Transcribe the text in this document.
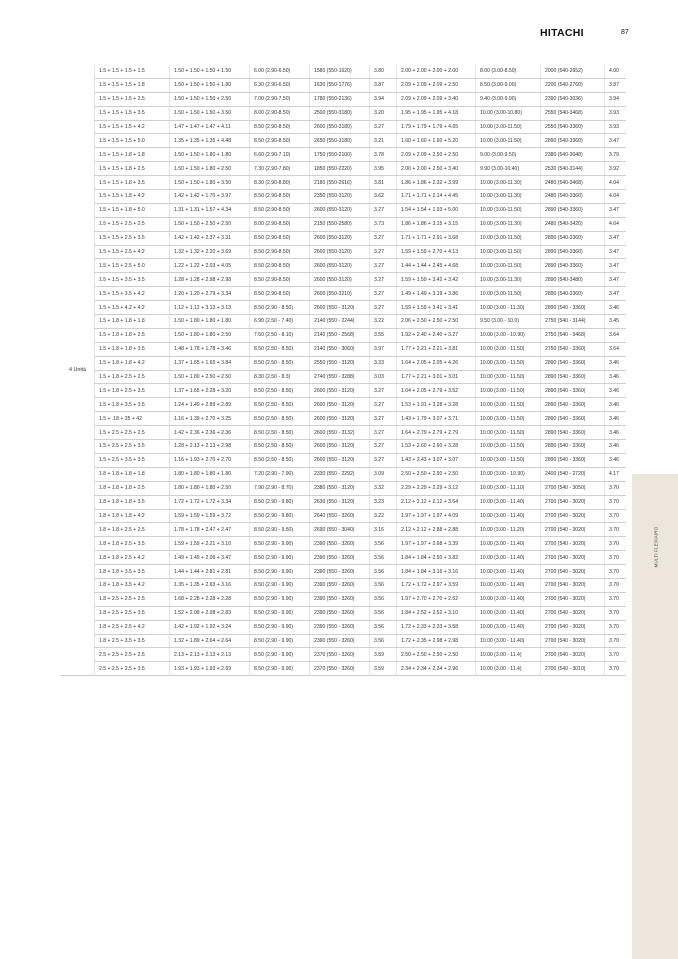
HITACHI	87
MULTI FLEXIAIRO
4 Unità	1.5 + 1.5 + 1.5 + 1.5	1.50 + 1.50 + 1.50 + 1.50	6.00 (2.90-6.50)	1580 (550-1620)	3.80	2.00 + 2.00 + 2.00 + 2.00	8.00 (3.00-8.50)	2000 (540-2652)	4.00
	1.5 + 1.5 + 1.5 + 1.8	1.50 + 1.50 + 1.50 + 1.80	6.30 (2.90-6.50)	1630 (550-1776)	3.87	2.09 + 2.09 + 2.09 + 2.50	8.50 (3.00-9.00)	2200 (540-2760)	3.87
	1.5 + 1.5 + 1.5 + 2.5	1.50 + 1.50 + 1.50 + 2.50	7.00 (2.90-7.50)	1780 (550-2136)	3.94	2.09 + 2.09 + 2.09 + 3.40	9.40 (3.00-9.90)	2390 (540-3036)	3.94
	1.5 + 1.5 + 1.5 + 3.5	1.50 + 1.50 + 1.50 + 3.50	8.00 (2.90-8.50)	2500 (550-3180)	3.20	1.95 + 1.95 + 1.95 + 4.18	10.00 (3.00-10.80)	2550 (540-3468)	3.93
	1.5 + 1.5 + 1.5 + 4.2	1.47 + 1.47 + 1.47 + 4.11	8.50 (2.90-8.50)	2600 (550-3180)	3.27	1.79 + 1.79 + 1.79 + 4.65	10.00 (3.00-11.50)	2550 (540-3360)	3.93
	1.5 + 1.5 + 1.5 + 5.0	1.35 + 1.35 + 1.35 + 4.48	8.50 (2.90-8.50)	2650 (550-3180)	3.21	1.60 + 1.60 + 1.60 + 5.20	10.00 (3.00-11.50)	2890 (540-3360)	3.47
	1.5 + 1.5 + 1.8 + 1.8	1.50 + 1.50 + 1.80 + 1.80	6.60 (2.90-7.10)	1750 (550-2100)	3.78	2.09 + 2.09 + 2.50 + 2.50	9.00 (3.00-9.50)	2380 (540-3048)	3.79
	1.5 + 1.5 + 1.8 + 2.5	1.50 + 1.50 + 1.80 + 2.50	7.30 (2.90-7.80)	1850 (550-2220)	3.95	2.00 + 2.00 + 2.50 + 3.40	9.90 (3.00-10.40)	2530 (540-3144)	3.92
	1.5 + 1.5 + 1.8 + 3.5	1.50 + 1.50 + 1.80 + 3.50	8.30 (2.90-8.80)	2180 (550-2616)	3.81	1.86 + 1.86 + 2.32 + 3.99	10.00 (3.00-11.30)	2480 (540-3468)	4.04
	1.5 + 1.5 + 1.8 + 4.2	1.42 + 1.42 + 1.70 + 3.97	8.50 (2.90-8.50)	2350 (550-3120)	3.62	1.71 + 1.71 + 2.14 + 4.45	10.00 (3.00-11.30)	2480 (540-3360)	4.04
	1.5 + 1.5 + 1.8 + 5.0	1.31 + 1.31 + 1.57 + 4.34	8.50 (2.90-8.50)	2600 (550-3120)	3.27	1.54 + 1.54 + 1.93 + 5.00	10.00 (3.00-11.50)	2890 (540-3360)	3.47
	1.5 + 1.5 + 2.5 + 2.5	1.50 + 1.50 + 2.50 + 2.50	8.00 (2.90-8.50)	2150 (550-2580)	3.73	1.86 + 1.86 + 3.15 + 3.15	10.00 (3.00-11.30)	2480 (540-3420)	4.04
	1.5 + 1.5 + 2.5 + 3.5	1.42 + 1.42 + 2.37 + 3.31	8.50 (2.90-8.50)	2600 (550-3120)	3.27	1.71 + 1.71 + 2.91 + 3.68	10.00 (3.00-11.50)	2890 (540-3360)	3.47
	1.5 + 1.5 + 2.5 + 4.2	1.32 + 1.32 + 2.20 + 3.69	8.50 (2.90-8.50)	2600 (550-3120)	3.27	1.59 + 1.59 + 2.70 + 4.13	10.00 (3.00-11.50)	2890 (540-3360)	3.47
	1.5 + 1.5 + 2.5 + 5.0	1.22 + 1.22 + 2.03 + 4.05	8.50 (2.90-8.50)	2600 (550-3120)	3.27	1.44 + 1.44 + 2.45 + 4.68	10.00 (3.00-11.50)	2890 (540-3360)	3.47
	1.5 + 1.5 + 3.5 + 3.5	1.28 + 1.28 + 2.98 + 2.98	8.50 (2.90-8.50)	2600 (550-3120)	3.27	1.59 + 1.59 + 3.42 + 3.42	10.00 (3.00-11.30)	2890 (540-3480)	3.47
	1.5 + 1.5 + 3.5 + 4.2	1.20 + 1.20 + 2.79 + 3.34	8.50 (2.90-8.50)	2600 (550-3210)	3.27	1.49 + 1.49 + 3.19 + 3.86	10.00 (3.00-11.50)	2890 (540-3360)	3.47
	1.5 + 1.5 + 4.2 + 4.2	1.12 + 1.12 + 3.13 + 3.13	8.50 (2.90 - 8.50)	2600 (550 - 3120)	3.27	1.59 + 1.59 + 3.41 + 3.41	10.00 (3.00 - 11.30)	2890 (540 - 3360)	3.46
	1.5 + 1.8 + 1.8 + 1.8	1.50 + 1.80 + 1.80 + 1.80	6.90 (2.50 - 7.40)	2140 (550 - 2244)	3.22	2.06 + 2.50 + 2.50 + 2.50	9.50 (3.00 - 10.0)	2750 (540 - 3144)	3.45
	1.5 + 1.8 + 1.8 + 2.5	1.50 + 1.80 + 1.80 + 2.50	7.60 (2.50 - 8.10)	2140 (550 - 2568)	3.55	1.92 + 2.40 + 2.40 + 3.27	10.00 (3.00 - 10.90)	2750 (540 - 3468)	3.64
	1.5 + 1.8 + 1.8 + 3.5	1.48 + 1.78 + 1.78 + 3.46	8.50 (2.50 - 8.50)	2140 (550 - 3060)	3.97	1.77 + 2.21 + 2.21 + 3.81	10.00 (3.00 - 11.50)	2750 (540 - 3360)	3.64
	1.5 + 1.8 + 1.8 + 4.2	1.37 + 1.65 + 1.65 + 3.84	8.50 (2.50 - 8.50)	2550 (550 - 3120)	3.33	1.64 + 2.05 + 2.05 + 4.26	10.00 (3.00 - 11.50)	2890 (540 - 3360)	3.46
	1.5 + 1.8 + 2.5 + 2.5	1.50 + 1.80 + 2.50 + 2.50	8.30 (2.50 - 8.3)	2740 (550 - 3288)	3.03	1.77 + 2.21 + 3.01 + 3.01	10.00 (3.00 - 11.50)	2890 (540 - 3360)	3.46
	1.5 + 1.8 + 2.5 + 3.5	1.37 + 1.65 + 2.28 + 3.20	8.50 (2.50 - 8.50)	2600 (550 - 3120)	3.27	1.64 + 2.05 + 2.79 + 3.52	10.00 (3.00 - 11.50)	2890 (540 - 3360)	3.46
	1.5 + 1.8 + 3.5 + 3.5	1.24 + 1.49 + 2.89 + 2.89	8.50 (2.50 - 8.50)	2600 (550 - 3120)	3.27	1.53 + 1.91 + 3.28 + 3.28	10.00 (3.00 - 11.50)	2890 (540 - 3360)	3.46
	1.5 + .18 + 35 + 42	1.16 + 1.39 + 2.70 + 3.25	8.50 (2.50 - 8.50)	2600 (550 - 3120)	3.27	1.43 + 1.79 + 3.07 + 3.71	10.00 (3.00 - 11.50)	2890 (540 - 3360)	3.46
	1.5 + 2.5 + 2.5 + 2.5	1.42 + 2.36 + 2.36 + 2.36	8.50 (2.50 - 8.50)	2600 (550 - 3132)	3.27	1.64 + 2.79 + 2.79 + 2.79	10.00 (3.00 - 11.50)	2890 (540 - 3360)	3.46
	1.5 + 2.5 + 2.5 + 3.5	1.28 + 2.13 + 2.13 + 2.98	8.50 (2.50 - 8.50)	2600 (550 - 3120)	3.27	1.53 + 2.60 + 2.60 + 3.28	10.00 (3.00 - 11.50)	2890 (540 - 3360)	3.46
	1.5 + 2.5 + 3.5 + 3.5	1.16 + 1.93 + 2.70 + 2.70	8.50 (2.50 - 8.50)	2600 (550 - 3120)	3.27	1.43 + 2.43 + 3.07 + 3.07	10.00 (3.00 - 11.50)	2890 (540 - 3360)	3.46
	1.8 + 1.8 + 1.8 + 1.8	1.80 + 1.80 + 1.80 + 1.80	7.20 (2.90 - 7.90)	2330 (550 - 2292)	3.09	2.50 + 2.50 + 2.50 + 2.50	10.00 (3.00 - 10.90)	2400 (540 - 2720)	4.17
	1.8 + 1.8 + 1.8 + 2.5	1.80 + 1.80 + 1.80 + 2.50	7.90 (2.90 - 8.70)	2380 (550 - 3120)	3.32	2.29 + 2.29 + 2.29 + 3.12	10.00 (3.00 - 11.10)	2700 (540 - 3050)	3.70
	1.8 + 1.8 + 1.8 + 3.5	1.72 + 1.72 + 1.72 + 3.34	8.50 (2.90 - 9.80)	2630 (550 - 3120)	3.23	2.12 + 2.12 + 2.12 + 3.64	10.00 (3.00 - 11.40)	2700 (540 - 3020)	3.70
	1.8 + 1.8 + 1.8 + 4.2	1.59 + 1.59 + 1.59 + 3.72	8.50 (2.90 - 9.80)	2640 (550 - 3260)	3.22	1.97 + 1.97 + 1.97 + 4.09	10.00 (3.00 - 11.40)	2700 (540 - 3020)	3.70
	1.8 + 1.8 + 2.5 + 2.5	1.78 + 1.78 + 2.47 + 2.47	8.50 (2.90 - 9.50)	2690 (550 - 3040)	3.16	2.12 + 2.12 + 2.88 + 2.88	10.00 (3.00 - 11.20)	2700 (540 - 3020)	3.70
	1.8 + 1.8 + 2.5 + 3.5	1.59 + 1.59 + 2.21 + 3.10	8.50 (2.90 - 9.90)	2390 (550 - 3260)	3.56	1.97 + 1.97 + 2.68 + 3.39	10.00 (3.00 - 11.40)	2700 (540 - 3020)	3.70
	1.8 + 1.8 + 2.5 + 4.2	1.49 + 1.49 + 2.06 + 3.47	8.50 (2.90 - 9.90)	2390 (550 - 3260)	3.56	1.84 + 1.84 + 2.50 + 3.82	10.00 (3.00 - 11.40)	2700 (540 - 3020)	3.70
	1.8 + 1.8 + 3.5 + 3.5	1.44 + 1.44 + 2.81 + 2.81	8.50 (2.90 - 9.90)	2390 (550 - 3260)	3.56	1.84 + 1.84 + 3.16 + 3.16	10.00 (3.00 - 11.40)	2700 (540 - 3020)	3.70
	1.8 + 1.8 + 3.5 + 4.2	1.35 + 1.35 + 2.63 + 3.16	8.50 (2.90 - 9.90)	2390 (550 - 3260)	3.56	1.72 + 1.72 + 2.97 + 3.59	10.00 (3.00 - 11.40)	2700 (540 - 3020)	3.70
	1.8 + 2.5 + 2.5 + 2.5	1.68 + 2.28 + 2.28 + 2.28	8.50 (2.90 - 9.90)	2390 (550 - 3260)	3.56	1.97 + 2.70 + 2.70 + 2.62	10.00 (3.00 - 11.40)	2700 (540 - 3020)	3.70
	1.8 + 2.5 + 2.5 + 3.5	1.52 + 2.08 + 2.08 + 2.83	8.50 (2.90 - 9.90)	2390 (550 - 3260)	3.56	1.84 + 2.52 + 2.52 + 3.10	10.00 (3.00 - 11.40)	2700 (540 - 3020)	3.70
	1.8 + 2.5 + 2.5 + 4.2	1.42 + 1.92 + 1.92 + 3.24	8.50 (2.90 - 9.90)	2390 (550 - 3260)	3.56	1.72 + 2.33 + 2.33 + 3.58	10.00 (3.00 - 11.40)	2700 (540 - 3020)	3.70
	1.8 + 2.5 + 3.5 + 3.5	1.32 + 1.89 + 2.64 + 2.64	8.50 (2.90 - 9.90)	2390 (550 - 3260)	3.56	1.72 + 2.35 + 2.98 + 2.98	10.00 (3.00 - 11.40)	2700 (540 - 3020)	3.70
	2.5 + 2.5 + 2.5 + 2.5	2.13 + 2.13 + 2.13 + 2.13	8.50 (2.90 - 9.90)	2370 (550 - 3260)	3.59	2.50 + 2.50 + 2.50 + 2.50	10.00 (3.00 - 11.4)	2700 (540 - 3020)	3.70
	2.5 + 2.5 + 2.5 + 3.5	1.93 + 1.93 + 1.93 + 2.69	8.50 (2.90 - 9.90)	2370 (550 - 3260)	3.59	2.34 + 2.34 + 2.34 + 2.96	10.00 (3.00 - 11.4)	2700 (540 - 3010)	3.70
